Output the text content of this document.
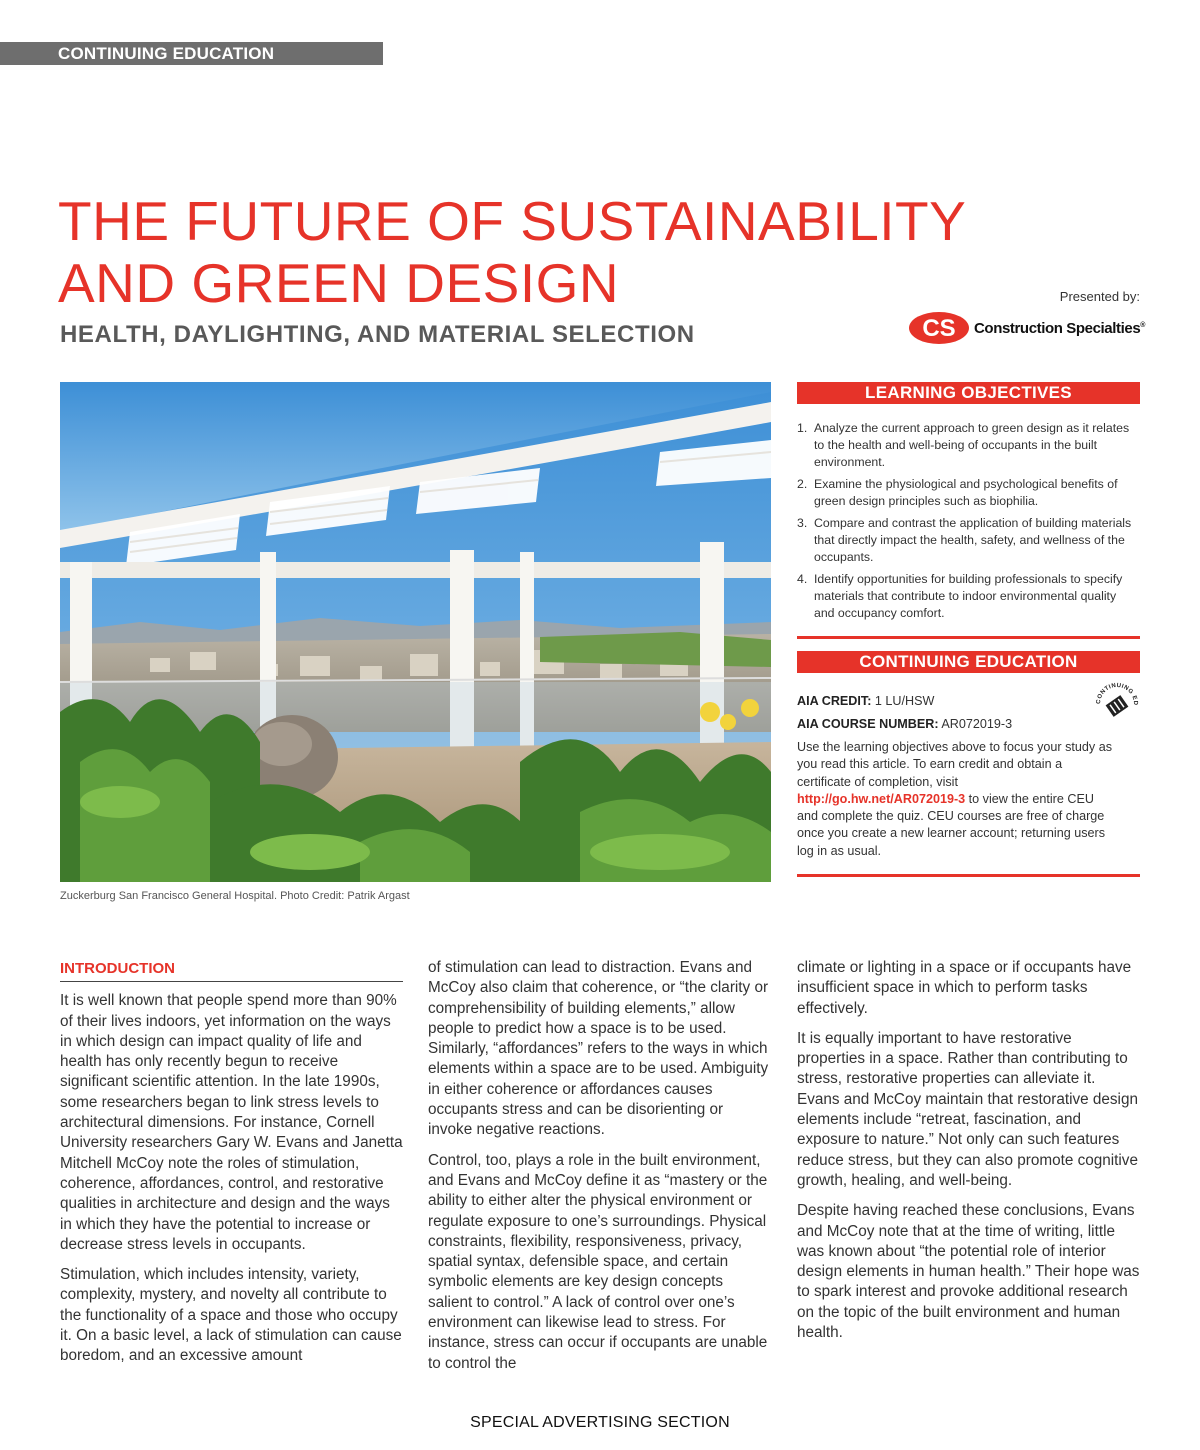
CONTINUING EDUCATION
THE FUTURE OF SUSTAINABILITY
AND GREEN DESIGN
HEALTH, DAYLIGHTING, AND MATERIAL SELECTION
Presented by:
CS Construction Specialties®
Zuckerburg San Francisco General Hospital. Photo Credit: Patrik Argast
LEARNING OBJECTIVES
1. Analyze the current approach to green design as it relates to the health and well-being of occupants in the built environment.
2. Examine the physiological and psychological benefits of green design principles such as biophilia.
3. Compare and contrast the application of building materials that directly impact the health, safety, and wellness of the occupants.
4. Identify opportunities for building professionals to specify materials that contribute to indoor environmental quality and occupancy comfort.
CONTINUING EDUCATION
CONTINUING ED
AIA CREDIT: 1 LU/HSW
AIA COURSE NUMBER: AR072019-3

Use the learning objectives above to focus your study as you read this article. To earn credit and obtain a certificate of completion, visit http://go.hw.net/AR072019-3 to view the entire CEU and complete the quiz. CEU courses are free of charge once you create a new learner account; returning users log in as usual.

INTRODUCTION

It is well known that people spend more than 90% of their lives indoors, yet information on the ways in which design can impact quality of life and health has only recently begun to receive significant scientific attention. In the late 1990s, some researchers began to link stress levels to architectural dimensions. For instance, Cornell University researchers Gary W. Evans and Janetta Mitchell McCoy note the roles of stimulation, coherence, affordances, control, and restorative qualities in architecture and design and the ways in which they have the potential to increase or decrease stress levels in occupants.

Stimulation, which includes intensity, variety, complexity, mystery, and novelty all contribute to the functionality of a space and those who occupy it. On a basic level, a lack of stimulation can cause boredom, and an excessive amount

of stimulation can lead to distraction. Evans and McCoy also claim that coherence, or “the clarity or comprehensibility of building elements,” allow people to predict how a space is to be used. Similarly, “affordances” refers to the ways in which elements within a space are to be used. Ambiguity in either coherence or affordances causes occupants stress and can be disorienting or invoke negative reactions.

Control, too, plays a role in the built environment, and Evans and McCoy define it as “mastery or the ability to either alter the physical environment or regulate exposure to one’s surroundings. Physical constraints, flexibility, responsiveness, privacy, spatial syntax, defensible space, and certain symbolic elements are key design concepts salient to control.” A lack of control over one’s environment can likewise lead to stress. For instance, stress can occur if occupants are unable to control the

climate or lighting in a space or if occupants have insufficient space in which to perform tasks effectively.

It is equally important to have restorative properties in a space. Rather than contributing to stress, restorative properties can alleviate it. Evans and McCoy maintain that restorative design elements include “retreat, fascination, and exposure to nature.” Not only can such features reduce stress, but they can also promote cognitive growth, healing, and well-being.

Despite having reached these conclusions, Evans and McCoy note that at the time of writing, little was known about “the potential role of interior design elements in human health.” Their hope was to spark interest and provoke additional research on the topic of the built environment and human health.

SPECIAL ADVERTISING SECTION
